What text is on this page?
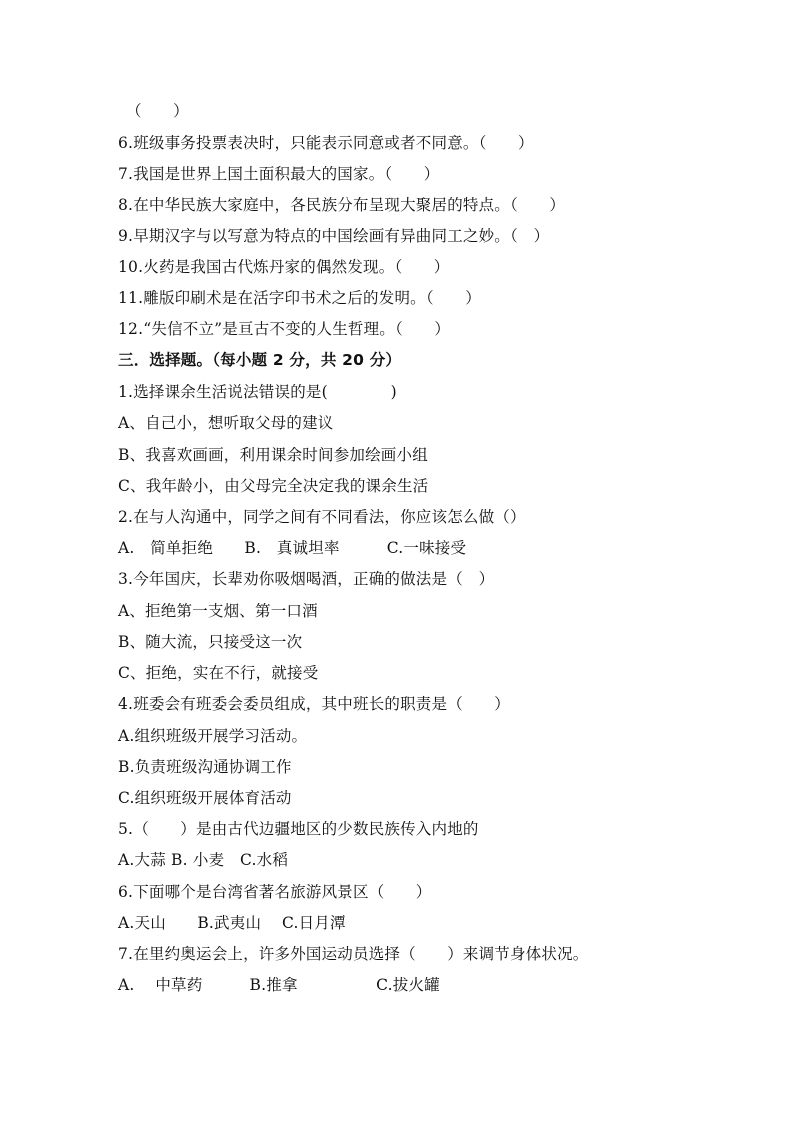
（　　）
6.班级事务投票表决时，只能表示同意或者不同意。（　　）
7.我国是世界上国土面积最大的国家。（　　）
8.在中华民族大家庭中，各民族分布呈现大聚居的特点。（　　）
9.早期汉字与以写意为特点的中国绘画有异曲同工之妙。（　）
10.火药是我国古代炼丹家的偶然发现。（　　）
11.雕版印刷术是在活字印书术之后的发明。（　　）
12.“失信不立”是亘古不变的人生哲理。（　　）
三．选择题。（每小题 2 分，共 20 分）
1.选择课余生活说法错误的是(　　　　)
A、自己小，想听取父母的建议
B、我喜欢画画，利用课余时间参加绘画小组
C、我年龄小，由父母完全决定我的课余生活
2.在与人沟通中，同学之间有不同看法，你应该怎么做（）
A.　简单拒绝　　B.　真诚坦率　　　C.一味接受
3.今年国庆，长辈劝你吸烟喝酒，正确的做法是（　）
A、拒绝第一支烟、第一口酒
B、随大流，只接受这一次
C、拒绝，实在不行，就接受
4.班委会有班委会委员组成，其中班长的职责是（　　）
A.组织班级开展学习活动。
B.负责班级沟通协调工作
C.组织班级开展体育活动
5.（　　）是由古代边疆地区的少数民族传入内地的
A.大蒜 B. 小麦　C.水稻
6.下面哪个是台湾省著名旅游风景区（　　）
A.天山　　B.武夷山　 C.日月潭
7.在里约奥运会上，许多外国运动员选择（　　）来调节身体状况。
A.　 中草药　　　B.推拿　　　　　C.拔火罐
